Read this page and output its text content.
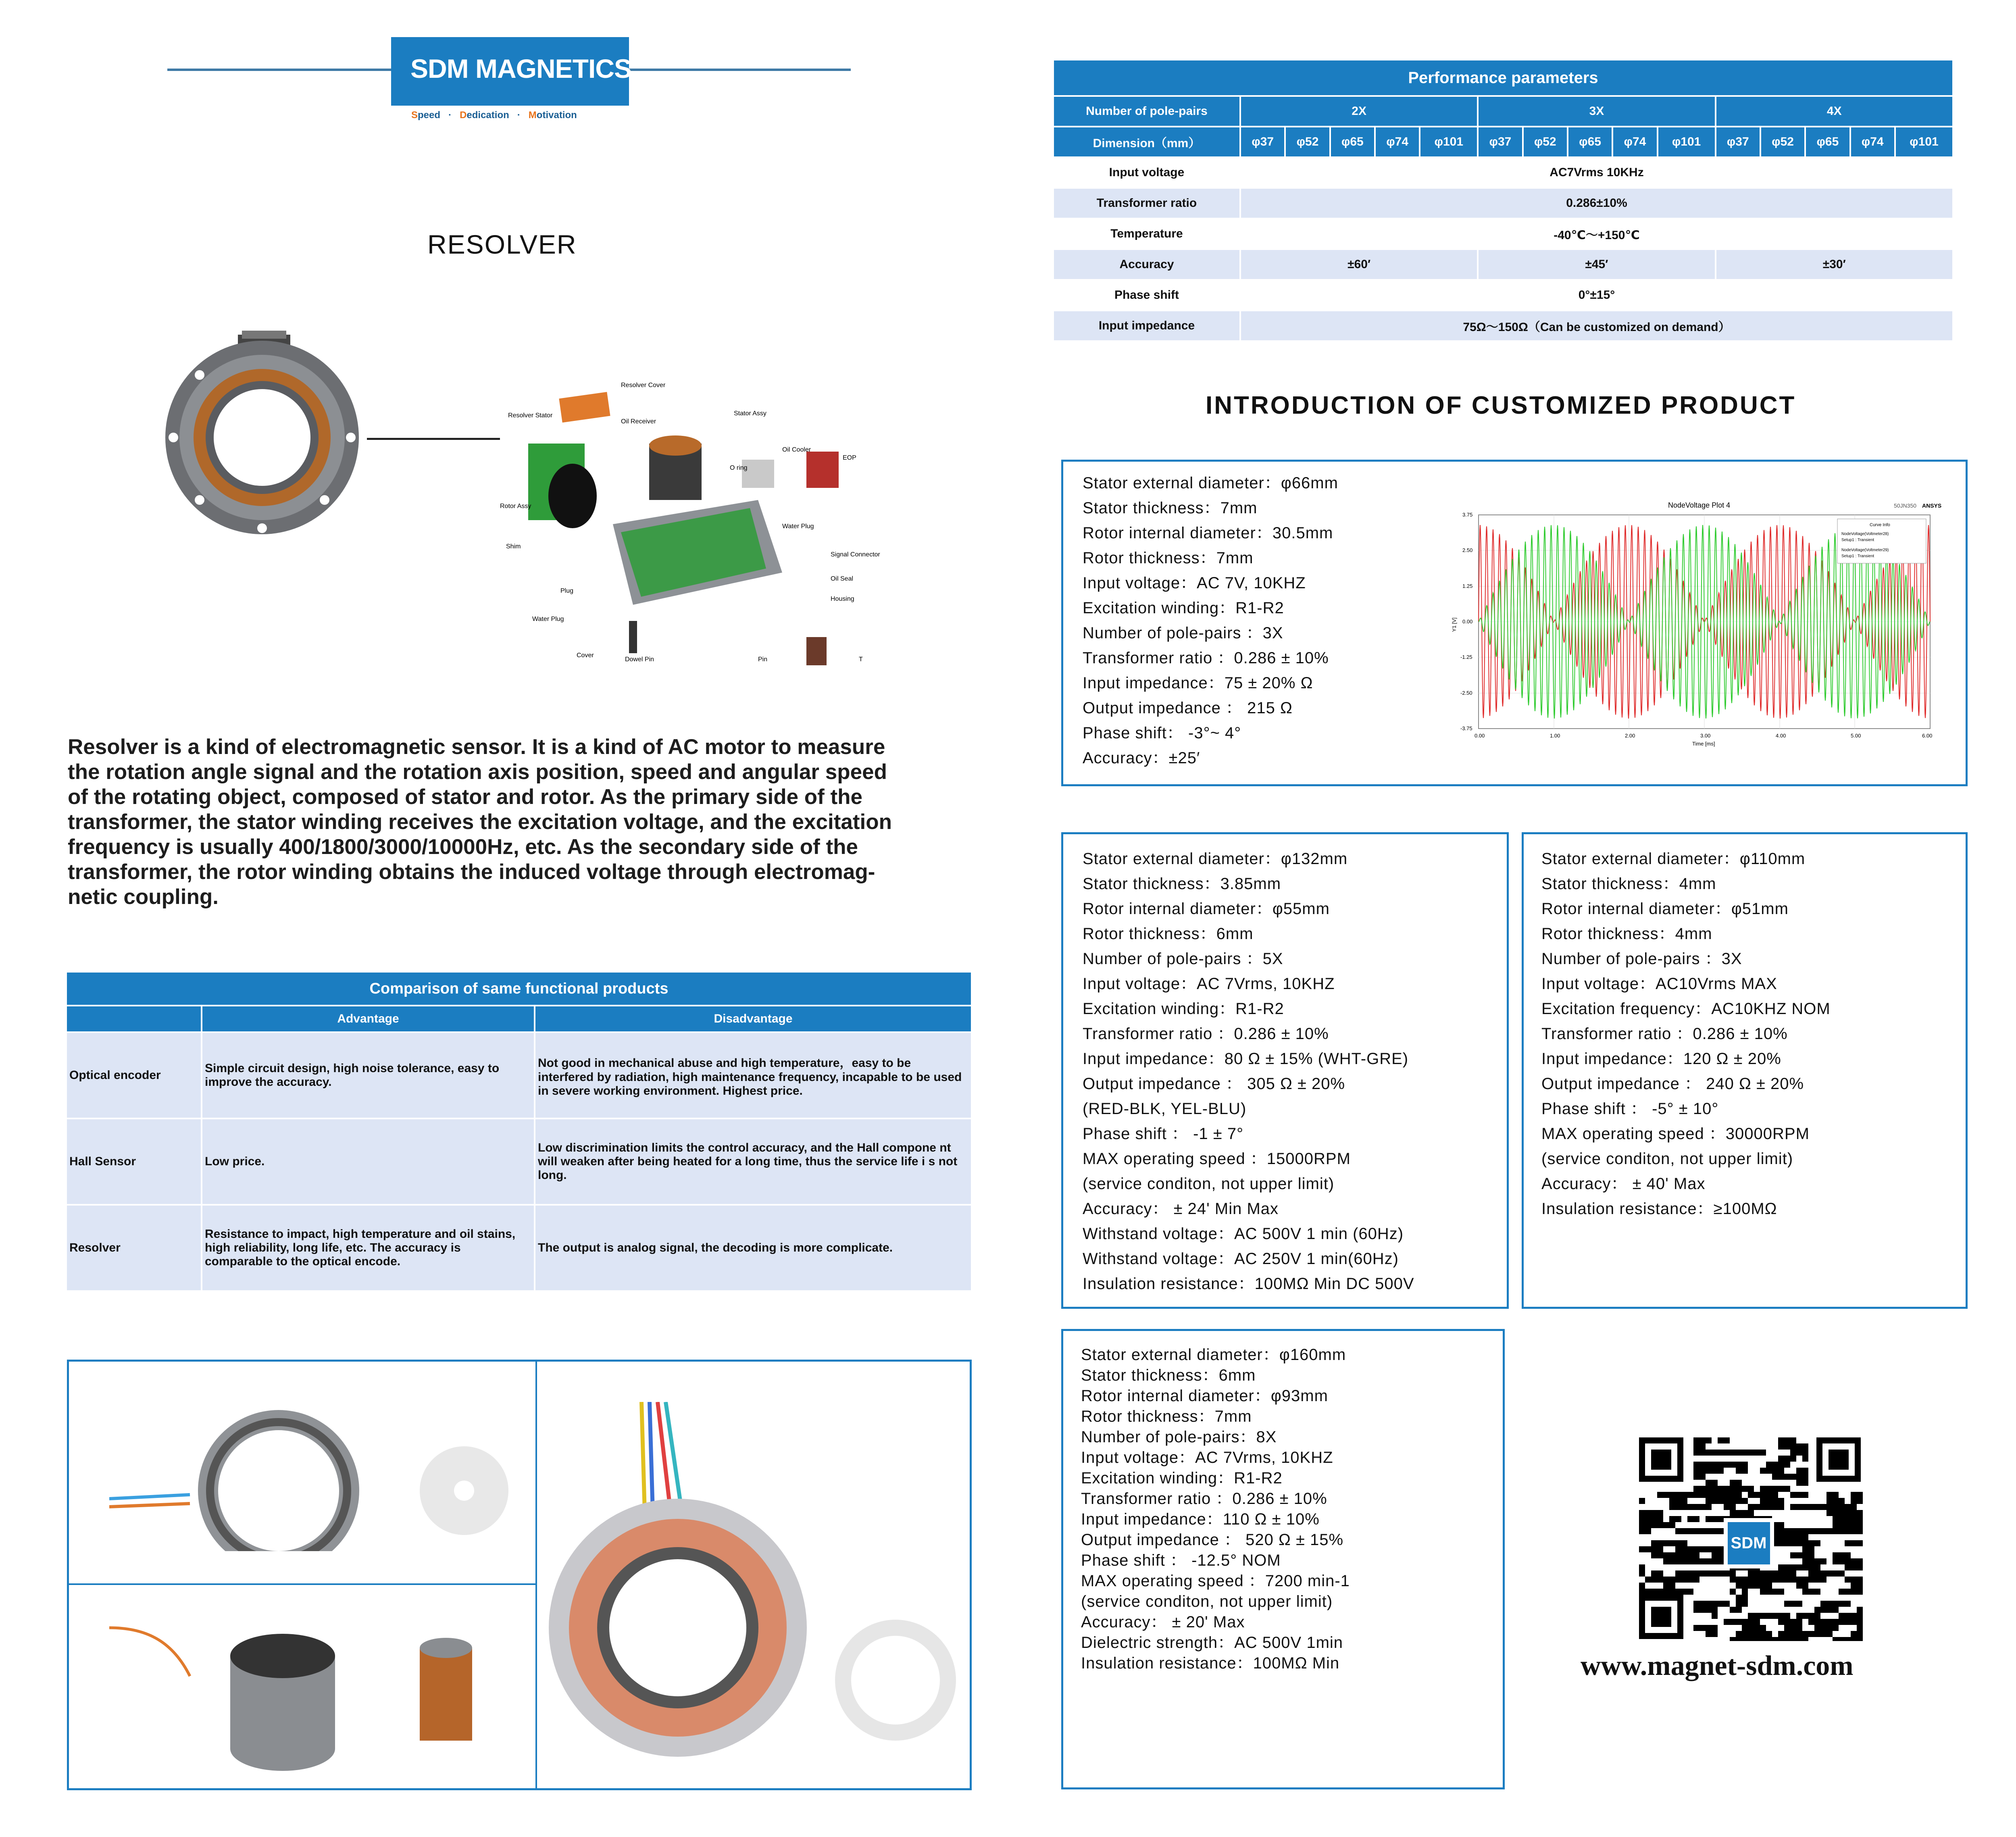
SDM MAGNETICS
Speed · Dedication · Motivation
RESOLVER
Resolver Cover
Resolver Stator
Oil Receiver
Stator Assy
Oil Cooler
EOP
O ring
Rotor Assy
Shim
Water Plug
Signal Connector
Oil Seal
Housing
Plug
Water Plug
Cover
Dowel Pin	Pin	T
Resolver is a kind of electromagnetic sensor. It is a kind of AC motor to measure
the rotation angle signal and the rotation axis position, speed and angular speed
of the rotating object, composed of stator and rotor. As the primary side of the
transformer, the stator winding receives the excitation voltage, and the excitation
frequency is usually 400/1800/3000/10000Hz, etc. As the secondary side of the
transformer, the rotor winding obtains the induced voltage through electromag-
netic coupling.
Comparison of same functional products		
	Advantage	Disadvantage
Optical encoder	Simple circuit design, high noise tolerance, easy to improve the accuracy.	Not good in mechanical abuse and high temperature，easy to be interfered by radiation, high maintenance frequency, incapable to be used in severe working environment. Highest price.
Hall Sensor	Low price.	Low discrimination limits the control accuracy, and the Hall compone nt will weaken after being heated for a long time, thus the service life i s not long.
Resolver	Resistance to impact, high temperature and oil stains, high reliability, long life, etc. The accuracy is comparable to the optical encode.	The output is analog signal, the decoding is more complicate.
Performance parameters															
Number of pole-pairs	2X					3X					4X				
Dimension（mm）	φ37	φ52	φ65	φ74	φ101	φ37	φ52	φ65	φ74	φ101	φ37	φ52	φ65	φ74	φ101
Input voltage	AC7Vrms 10KHz														
Transformer ratio	0.286±10%														
Temperature	-40℃～+150℃														
Accuracy	±60′					±45′					±30′				
Phase shift	0°±15°														
Input impedance	75Ω～150Ω（Can be customized on demand）														
INTRODUCTION OF CUSTOMIZED PRODUCT
Stator external diameter：φ66mm
Stator thickness：7mm
Rotor internal diameter：30.5mm
Rotor thickness：7mm
Input voltage：AC 7V, 10KHZ
Excitation winding：R1-R2
Number of pole-pairs ：3X
Transformer ratio ：0.286 ± 10%
Input impedance：75 ± 20% Ω
Output impedance ： 215 Ω
Phase shift： -3°~ 4°
Accuracy：±25′
NodeVoltage Plot 4	50JN350 ANSYS
Curve Info
NodeVoltage(Voltmeter28)
Setup1 : Transient
NodeVoltage(Voltmeter29)
Setup1 : Transient
3.75
2.50
1.25
0.00
-1.25
-2.50
-3.75
0.00	1.00	2.00	3.00	4.00	5.00	6.00
Time [ms]
Y1 [V]
Stator external diameter：φ132mm
Stator thickness：3.85mm
Rotor internal diameter：φ55mm
Rotor thickness：6mm
Number of pole-pairs ：5X
Input voltage：AC 7Vrms, 10KHZ
Excitation winding：R1-R2
Transformer ratio ：0.286 ± 10%
Input impedance：80 Ω ± 15% (WHT-GRE)
Output impedance ： 305 Ω ± 20%
(RED-BLK, YEL-BLU)
Phase shift ： -1 ± 7°
MAX operating speed ：15000RPM
(service conditon, not upper limit)
Accuracy： ± 24' Min Max
Withstand voltage：AC 500V 1 min (60Hz)
Withstand voltage：AC 250V 1 min(60Hz)
Insulation resistance：100MΩ Min DC 500V
Stator external diameter：φ110mm
Stator thickness：4mm
Rotor internal diameter：φ51mm
Rotor thickness：4mm
Number of pole-pairs ：3X
Input voltage：AC10Vrms MAX
Excitation frequency：AC10KHZ NOM
Transformer ratio ：0.286 ± 10%
Input impedance：120 Ω ± 20%
Output impedance ： 240 Ω ± 20%
Phase shift ： -5° ± 10°
MAX operating speed ：30000RPM
(service conditon, not upper limit)
Accuracy： ± 40' Max
Insulation resistance：≥100MΩ
Stator external diameter：φ160mm
Stator thickness：6mm
Rotor internal diameter：φ93mm
Rotor thickness：7mm
Number of pole-pairs：8X
Input voltage：AC 7Vrms, 10KHZ
Excitation winding：R1-R2
Transformer ratio ：0.286 ± 10%
Input impedance：110 Ω ± 10%
Output impedance ： 520 Ω ± 15%
Phase shift ： -12.5° NOM
MAX operating speed ：7200 min-1
(service conditon, not upper limit)
Accuracy： ± 20' Max
Dielectric strength：AC 500V 1min
Insulation resistance：100MΩ Min
SDM
www.magnet-sdm.com
